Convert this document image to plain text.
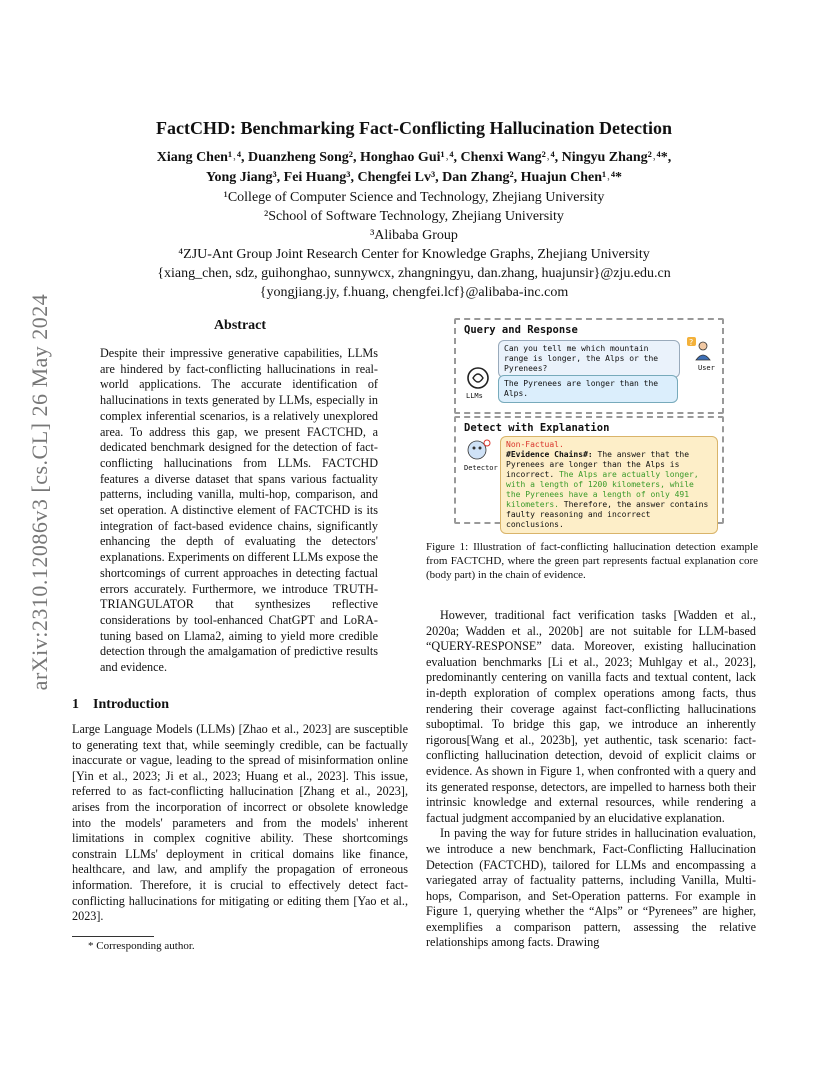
arXiv:2310.12086v3 [cs.CL] 26 May 2024
FactCHD: Benchmarking Fact-Conflicting Hallucination Detection
Xiang Chen¹˒⁴, Duanzheng Song², Honghao Gui¹˒⁴, Chenxi Wang²˒⁴, Ningyu Zhang²˒⁴*,
Yong Jiang³, Fei Huang³, Chengfei Lv³, Dan Zhang², Huajun Chen¹˒⁴*
¹College of Computer Science and Technology, Zhejiang University
²School of Software Technology, Zhejiang University
³Alibaba Group
⁴ZJU-Ant Group Joint Research Center for Knowledge Graphs, Zhejiang University
{xiang_chen, sdz, guihonghao, sunnywcx, zhangningyu, dan.zhang, huajunsir}@zju.edu.cn
{yongjiang.jy, f.huang, chengfei.lcf}@alibaba-inc.com
Abstract
Despite their impressive generative capabilities, LLMs are hindered by fact-conflicting hallucinations in real-world applications. The accurate identification of hallucinations in texts generated by LLMs, especially in complex inferential scenarios, is a relatively unexplored area. To address this gap, we present FACTCHD, a dedicated benchmark designed for the detection of fact-conflicting hallucinations from LLMs. FACTCHD features a diverse dataset that spans various factuality patterns, including vanilla, multi-hop, comparison, and set operation. A distinctive element of FACTCHD is its integration of fact-based evidence chains, significantly enhancing the depth of evaluating the detectors' explanations. Experiments on different LLMs expose the shortcomings of current approaches in detecting factual errors accurately. Furthermore, we introduce TRUTH-TRIANGULATOR that synthesizes reflective considerations by tool-enhanced ChatGPT and LoRA-tuning based on Llama2, aiming to yield more credible detection through the amalgamation of predictive results and evidence.
1 Introduction
Large Language Models (LLMs) [Zhao et al., 2023] are susceptible to generating text that, while seemingly credible, can be factually inaccurate or vague, leading to the spread of misinformation online [Yin et al., 2023; Ji et al., 2023; Huang et al., 2023]. This issue, referred to as fact-conflicting hallucination [Zhang et al., 2023], arises from the incorporation of incorrect or obsolete knowledge into the models' parameters and from the models' inherent limitations in complex cognitive ability. These shortcomings constrain LLMs' deployment in critical domains like finance, healthcare, and law, and amplify the propagation of erroneous information. Therefore, it is crucial to effectively detect fact-conflicting hallucinations for mitigating or editing them [Yao et al., 2023].
* Corresponding author.
Query and Response
Can you tell me which mountain range is longer, the Alps or the Pyrenees?
?
User
LLMs
The Pyrenees are longer than the Alps.
Detect with Explanation
Detector
Non-Factual.
#Evidence Chains#: The answer that the Pyrenees are longer than the Alps is incorrect. The Alps are actually longer, with a length of 1200 kilometers, while the Pyrenees have a length of only 491 kilometers. Therefore, the answer contains faulty reasoning and incorrect conclusions.
Figure 1: Illustration of fact-conflicting hallucination detection example from FACTCHD, where the green part represents factual explanation core (body part) in the chain of evidence.

However, traditional fact verification tasks [Wadden et al., 2020a; Wadden et al., 2020b] are not suitable for LLM-based “QUERY-RESPONSE” data. Moreover, existing hallucination evaluation benchmarks [Li et al., 2023; Muhlgay et al., 2023], predominantly centering on vanilla facts and textual content, lack in-depth exploration of complex operations among facts, thus rendering their coverage against fact-conflicting hallucinations suboptimal. To bridge this gap, we introduce an inherently rigorous[Wang et al., 2023b], yet authentic, task scenario: fact-conflicting hallucination detection, devoid of explicit claims or evidence. As shown in Figure 1, when confronted with a query and its generated response, detectors, are impelled to harness both their intrinsic knowledge and external resources, while rendering a factual judgment accompanied by an elucidative explanation.

In paving the way for future strides in hallucination evaluation, we introduce a new benchmark, Fact-Conflicting Hallucination Detection (FACTCHD), tailored for LLMs and encompassing a variegated array of factuality patterns, including Vanilla, Multi-hops, Comparison, and Set-Operation patterns. For example in Figure 1, querying whether the “Alps” or “Pyrenees” are higher, exemplifies a comparison pattern, assessing the relative relationships among facts. Drawing
